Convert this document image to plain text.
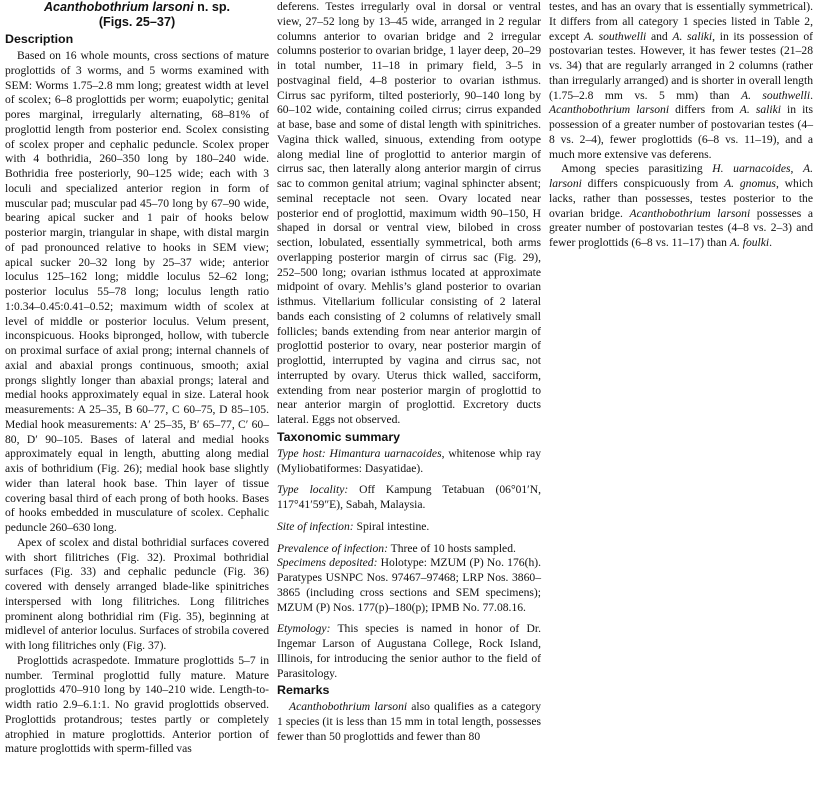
Acanthobothrium larsoni n. sp.
(Figs. 25–37)
Description

Based on 16 whole mounts, cross sections of mature proglottids of 3 worms, and 5 worms examined with SEM: Worms 1.75–2.8 mm long; greatest width at level of scolex; 6–8 proglottids per worm; euapolytic; genital pores marginal, irregularly alternating, 68–81% of proglottid length from posterior end. Scolex consisting of scolex proper and cephalic peduncle. Scolex proper with 4 bothridia, 260–350 long by 180–240 wide. Bothridia free posteriorly, 90–125 wide; each with 3 loculi and specialized anterior region in form of muscular pad; muscular pad 45–70 long by 67–90 wide, bearing apical sucker and 1 pair of hooks below posterior margin, triangular in shape, with distal margin of pad pronounced relative to hooks in SEM view; apical sucker 20–32 long by 25–37 wide; anterior loculus 125–162 long; middle loculus 52–62 long; posterior loculus 55–78 long; loculus length ratio 1:0.34–0.45:0.41–0.52; maximum width of scolex at level of middle or posterior loculus. Velum present, inconspicuous. Hooks bipronged, hollow, with tubercle on proximal surface of axial prong; internal channels of axial and abaxial prongs continuous, smooth; axial prongs slightly longer than abaxial prongs; lateral and medial hooks approximately equal in size. Lateral hook measurements: A 25–35, B 60–77, C 60–75, D 85–105. Medial hook measurements: A′ 25–35, B′ 65–77, C′ 60–80, D′ 90–105. Bases of lateral and medial hooks approximately equal in length, abutting along medial axis of bothridium (Fig. 26); medial hook base slightly wider than lateral hook base. Thin layer of tissue covering basal third of each prong of both hooks. Bases of hooks embedded in musculature of scolex. Cephalic peduncle 260–630 long.

Apex of scolex and distal bothridial surfaces covered with short filitriches (Fig. 32). Proximal bothridial surfaces (Fig. 33) and cephalic peduncle (Fig. 36) covered with densely arranged blade-like spinitriches interspersed with long filitriches. Long filitriches prominent along bothridial rim (Fig. 35), beginning at midlevel of anterior loculus. Surfaces of strobila covered with long filitriches only (Fig. 37).

Proglottids acraspedote. Immature proglottids 5–7 in number. Terminal proglottid fully mature. Mature proglottids 470–910 long by 140–210 wide. Length-to-width ratio 2.9–6.1:1. No gravid proglottids observed. Proglottids protandrous; testes partly or completely atrophied in mature proglottids. Anterior portion of mature proglottids with sperm-filled vas

deferens. Testes irregularly oval in dorsal or ventral view, 27–52 long by 13–45 wide, arranged in 2 regular columns anterior to ovarian bridge and 2 irregular columns posterior to ovarian bridge, 1 layer deep, 20–29 in total number, 11–18 in primary field, 3–5 in postvaginal field, 4–8 posterior to ovarian isthmus. Cirrus sac pyriform, tilted posteriorly, 90–140 long by 60–102 wide, containing coiled cirrus; cirrus expanded at base, base and some of distal length with spinitriches. Vagina thick walled, sinuous, extending from ootype along medial line of proglottid to anterior margin of cirrus sac, then laterally along anterior margin of cirrus sac to common genital atrium; vaginal sphincter absent; seminal receptacle not seen. Ovary located near posterior end of proglottid, maximum width 90–150, H shaped in dorsal or ventral view, bilobed in cross section, lobulated, essentially symmetrical, both arms overlapping posterior margin of cirrus sac (Fig. 29), 252–500 long; ovarian isthmus located at approximate midpoint of ovary. Mehlis’s gland posterior to ovarian isthmus. Vitellarium follicular consisting of 2 lateral bands each consisting of 2 columns of relatively small follicles; bands extending from near anterior margin of proglottid posterior to ovary, near posterior margin of proglottid, interrupted by vagina and cirrus sac, not interrupted by ovary. Uterus thick walled, sacciform, extending from near posterior margin of proglottid to near anterior margin of proglottid. Excretory ducts lateral. Eggs not observed.

Taxonomic summary

Type host: Himantura uarnacoides, whitenose whip ray (Myliobatiformes: Dasyatidae).

Type locality: Off Kampung Tetabuan (06°01′N, 117°41′59″E), Sabah, Malaysia.

Site of infection: Spiral intestine.

Prevalence of infection: Three of 10 hosts sampled.

Specimens deposited: Holotype: MZUM (P) No. 176(h). Paratypes USNPC Nos. 97467–97468; LRP Nos. 3860–3865 (including cross sections and SEM specimens); MZUM (P) Nos. 177(p)–180(p); IPMB No. 77.08.16.

Etymology: This species is named in honor of Dr. Ingemar Larson of Augustana College, Rock Island, Illinois, for introducing the senior author to the field of Parasitology.

Remarks

Acanthobothrium larsoni also qualifies as a category 1 species (it is less than 15 mm in total length, possesses fewer than 50 proglottids and fewer than 80

testes, and has an ovary that is essentially symmetrical). It differs from all category 1 species listed in Table 2, except A. southwelli and A. saliki, in its possession of postovarian testes. However, it has fewer testes (21–28 vs. 34) that are regularly arranged in 2 columns (rather than irregularly arranged) and is shorter in overall length (1.75–2.8 mm vs. 5 mm) than A. southwelli. Acanthobothrium larsoni differs from A. saliki in its possession of a greater number of postovarian testes (4–8 vs. 2–4), fewer proglottids (6–8 vs. 11–19), and a much more extensive vas deferens.

Among species parasitizing H. uarnacoides, A. larsoni differs conspicuously from A. gnomus, which lacks, rather than possesses, testes posterior to the ovarian bridge. Acanthobothrium larsoni possesses a greater number of postovarian testes (4–8 vs. 2–3) and fewer proglottids (6–8 vs. 11–17) than A. foulki.
